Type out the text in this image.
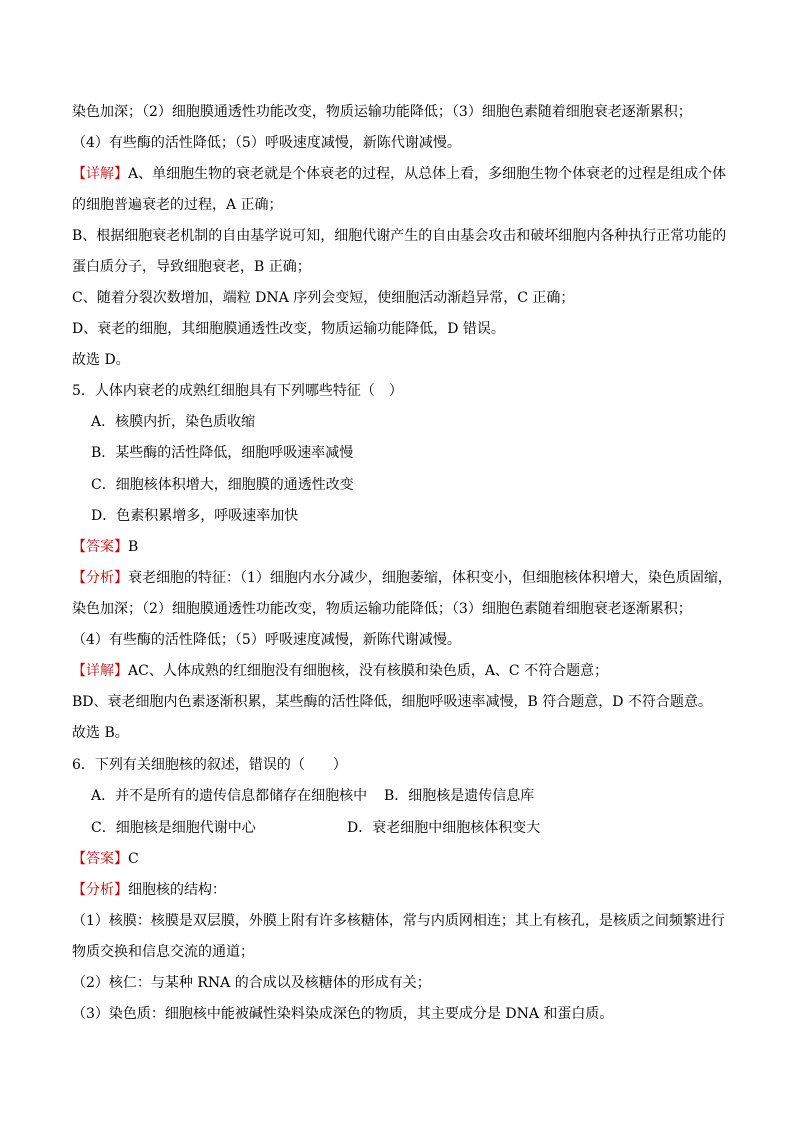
染色加深；（2）细胞膜通透性功能改变，物质运输功能降低；（3）细胞色素随着细胞衰老逐渐累积；
（4）有些酶的活性降低；（5）呼吸速度减慢，新陈代谢减慢。
【详解】A、单细胞生物的衰老就是个体衰老的过程，从总体上看，多细胞生物个体衰老的过程是组成个体
的细胞普遍衰老的过程，A 正确；
B、根据细胞衰老机制的自由基学说可知，细胞代谢产生的自由基会攻击和破坏细胞内各种执行正常功能的
蛋白质分子，导致细胞衰老，B 正确；
C、随着分裂次数增加，端粒 DNA 序列会变短，使细胞活动渐趋异常，C 正确；
D、衰老的细胞，其细胞膜通透性改变，物质运输功能降低，D 错误。
故选 D。
5．人体内衰老的成熟红细胞具有下列哪些特征（　）
A．核膜内折，染色质收缩
B．某些酶的活性降低，细胞呼吸速率减慢
C．细胞核体积增大，细胞膜的通透性改变
D．色素积累增多，呼吸速率加快
【答案】B
【分析】衰老细胞的特征：（1）细胞内水分减少，细胞萎缩，体积变小，但细胞核体积增大，染色质固缩，
染色加深；（2）细胞膜通透性功能改变，物质运输功能降低；（3）细胞色素随着细胞衰老逐渐累积；
（4）有些酶的活性降低；（5）呼吸速度减慢，新陈代谢减慢。
【详解】AC、人体成熟的红细胞没有细胞核，没有核膜和染色质，A、C 不符合题意；
BD、衰老细胞内色素逐渐积累，某些酶的活性降低，细胞呼吸速率减慢，B 符合题意，D 不符合题意。
故选 B。
6．下列有关细胞核的叙述，错误的（　　）
A．并不是所有的遗传信息都储存在细胞核中 B．细胞核是遗传信息库
C．细胞核是细胞代谢中心	D．衰老细胞中细胞核体积变大
【答案】C
【分析】细胞核的结构：
（1）核膜：核膜是双层膜，外膜上附有许多核糖体，常与内质网相连；其上有核孔，是核质之间频繁进行
物质交换和信息交流的通道；
（2）核仁：与某种 RNA 的合成以及核糖体的形成有关；
（3）染色质：细胞核中能被碱性染料染成深色的物质，其主要成分是 DNA 和蛋白质。
